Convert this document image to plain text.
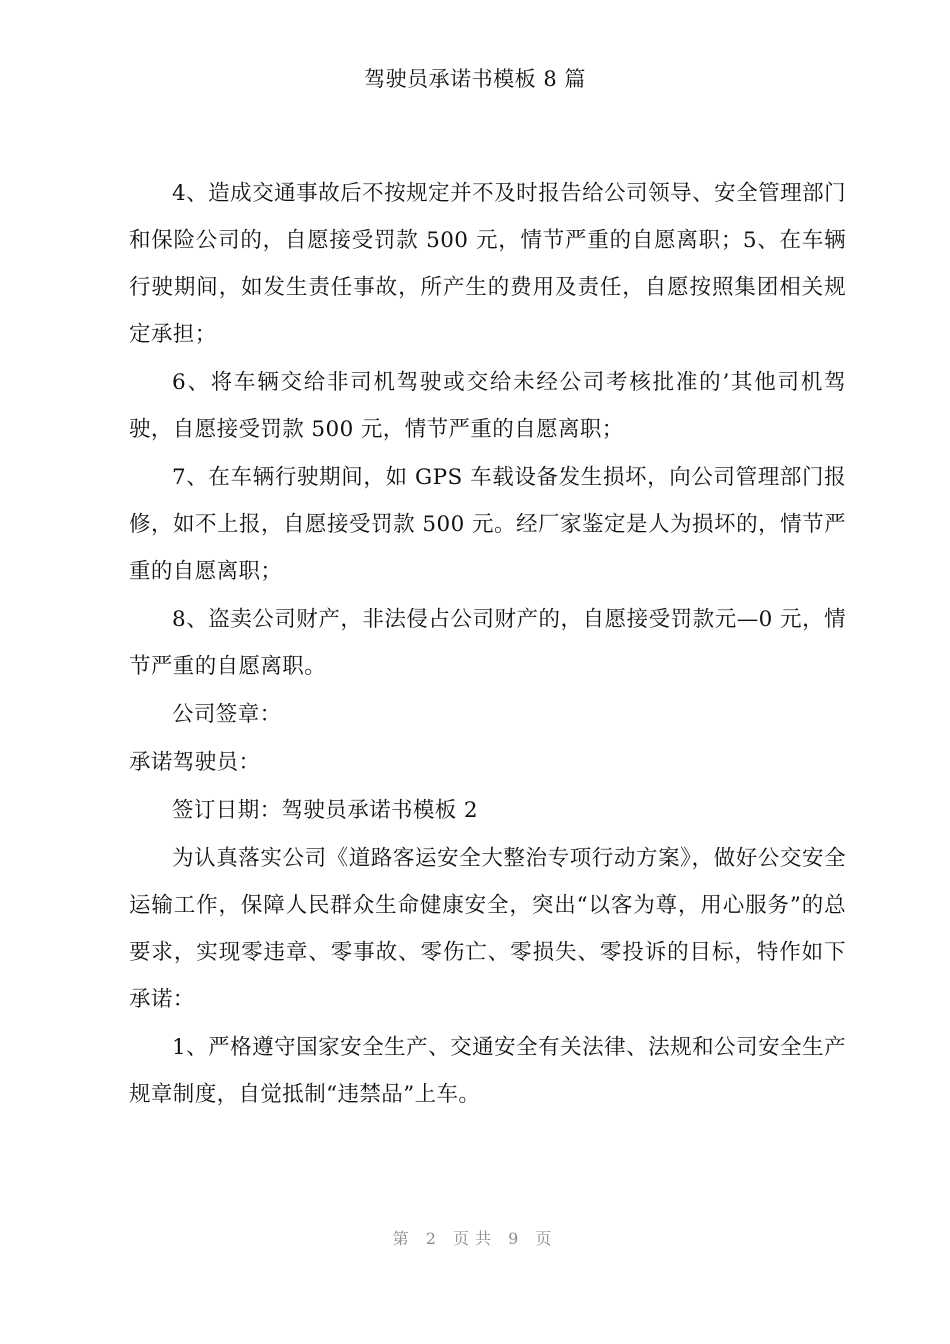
驾驶员承诺书模板 8 篇

4、造成交通事故后不按规定并不及时报告给公司领导、安全管理部门和保险公司的，自愿接受罚款 500 元，情节严重的自愿离职；5、在车辆行驶期间，如发生责任事故，所产生的费用及责任，自愿按照集团相关规定承担；

6、将车辆交给非司机驾驶或交给未经公司考核批准的’其他司机驾驶，自愿接受罚款 500 元，情节严重的自愿离职；

7、在车辆行驶期间，如 GPS 车载设备发生损坏，向公司管理部门报修，如不上报，自愿接受罚款 500 元。经厂家鉴定是人为损坏的，情节严重的自愿离职；

8、盗卖公司财产，非法侵占公司财产的，自愿接受罚款元—0 元，情节严重的自愿离职。

公司签章：

承诺驾驶员：

签订日期：驾驶员承诺书模板 2

为认真落实公司《道路客运安全大整治专项行动方案》，做好公交安全运输工作，保障人民群众生命健康安全，突出“以客为尊，用心服务”的总要求，实现零违章、零事故、零伤亡、零损失、零投诉的目标，特作如下承诺：

1、严格遵守国家安全生产、交通安全有关法律、法规和公司安全生产规章制度，自觉抵制“违禁品”上车。

第 2 页共 9 页
